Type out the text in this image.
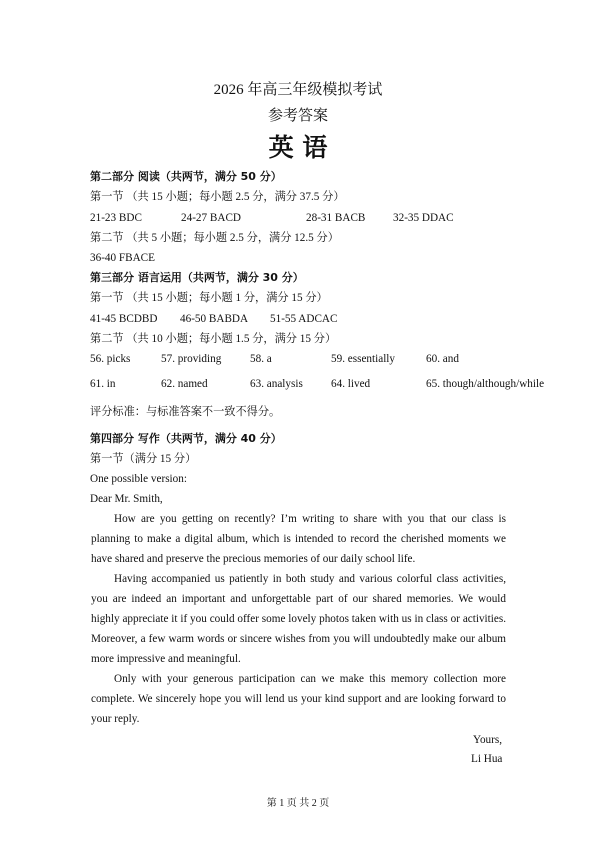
2026 年高三年级模拟考试
参考答案
英 语
第二部分 阅读（共两节，满分 50 分）
第一节 （共 15 小题；每小题 2.5 分，满分 37.5 分）
21-23 BDC	24-27 BACD	28-31 BACB 32-35 DDAC
第二节 （共 5 小题；每小题 2.5 分，满分 12.5 分）
36-40 FBACE
第三部分 语言运用（共两节，满分 30 分）
第一节 （共 15 小题；每小题 1 分，满分 15 分）
41-45 BCDBD 46-50 BABDA 51-55 ADCAC
第二节 （共 10 小题；每小题 1.5 分，满分 15 分）
56. picks	57. providing	58. a	59. essentially	60. and
61. in	62. named	63. analysis	64. lived	65. though/although/while
评分标准：与标准答案不一致不得分。
第四部分 写作（共两节，满分 40 分）
第一节（满分 15 分）
One possible version:
Dear Mr. Smith,
How are you getting on recently? I’m writing to share with you that our class is planning to make a digital album, which is intended to record the cherished moments we have shared and preserve the precious memories of our daily school life.
Having accompanied us patiently in both study and various colorful class activities, you are indeed an important and unforgettable part of our shared memories. We would highly appreciate it if you could offer some lovely photos taken with us in class or activities. Moreover, a few warm words or sincere wishes from you will undoubtedly make our album more impressive and meaningful.
Only with your generous participation can we make this memory collection more complete. We sincerely hope you will lend us your kind support and are looking forward to your reply.
Yours,
Li Hua
第 1 页 共 2 页
